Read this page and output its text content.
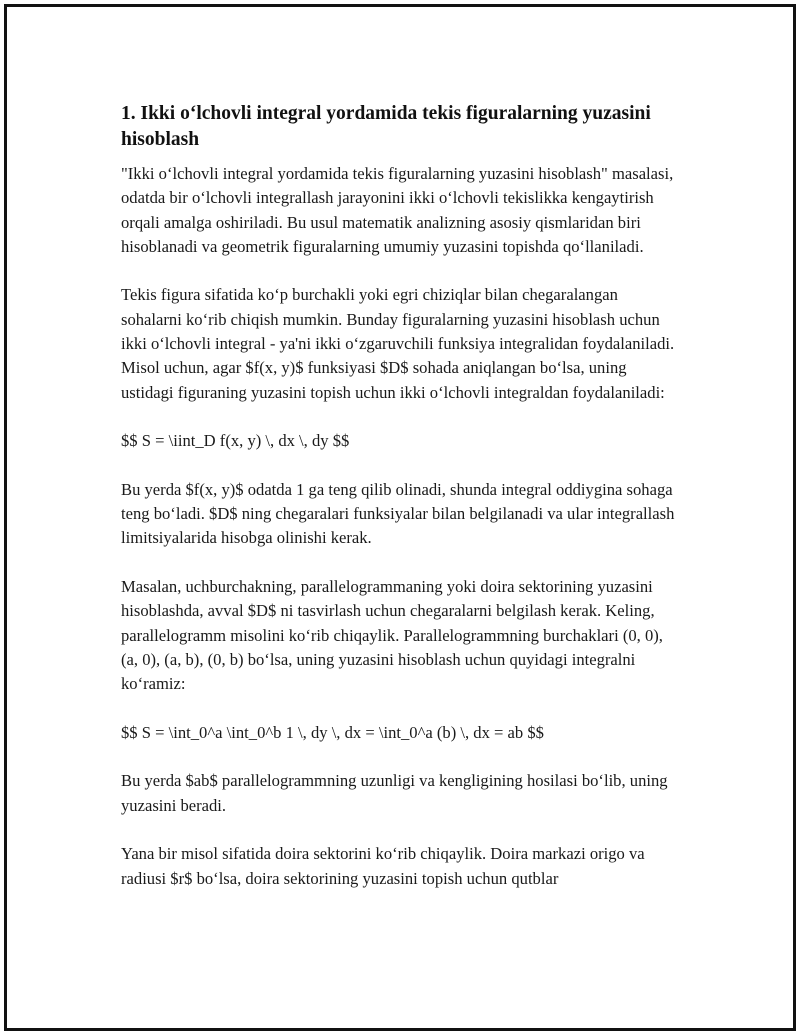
1. Ikki o‘lchovli integral yordamida tekis figuralarning yuzasini hisoblash

"Ikki o‘lchovli integral yordamida tekis figuralarning yuzasini hisoblash" masalasi, odatda bir o‘lchovli integrallash jarayonini ikki o‘lchovli tekislikka kengaytirish orqali amalga oshiriladi. Bu usul matematik analizning asosiy qismlaridan biri hisoblanadi va geometrik figuralarning umumiy yuzasini topishda qo‘llaniladi.

Tekis figura sifatida ko‘p burchakli yoki egri chiziqlar bilan chegaralangan sohalarni ko‘rib chiqish mumkin. Bunday figuralarning yuzasini hisoblash uchun ikki o‘lchovli integral - ya'ni ikki o‘zgaruvchili funksiya integralidan foydalaniladi. Misol uchun, agar $f(x, y)$ funksiyasi $D$ sohada aniqlangan bo‘lsa, uning ustidagi figuraning yuzasini topish uchun ikki o‘lchovli integraldan foydalaniladi:

$$ S = \iint_D f(x, y) \, dx \, dy $$

Bu yerda $f(x, y)$ odatda 1 ga teng qilib olinadi, shunda integral oddiygina sohaga teng bo‘ladi. $D$ ning chegaralari funksiyalar bilan belgilanadi va ular integrallash limitsiyalarida hisobga olinishi kerak.

Masalan, uchburchakning, parallelogrammaning yoki doira sektorining yuzasini hisoblashda, avval $D$ ni tasvirlash uchun chegaralarni belgilash kerak. Keling, parallelogramm misolini ko‘rib chiqaylik. Parallelogrammning burchaklari (0, 0), (a, 0), (a, b), (0, b) bo‘lsa, uning yuzasini hisoblash uchun quyidagi integralni ko‘ramiz:

$$ S = \int_0^a \int_0^b 1 \, dy \, dx = \int_0^a (b) \, dx = ab $$

Bu yerda $ab$ parallelogrammning uzunligi va kengligining hosilasi bo‘lib, uning yuzasini beradi.

Yana bir misol sifatida doira sektorini ko‘rib chiqaylik. Doira markazi origo va radiusi $r$ bo‘lsa, doira sektorining yuzasini topish uchun qutblar
